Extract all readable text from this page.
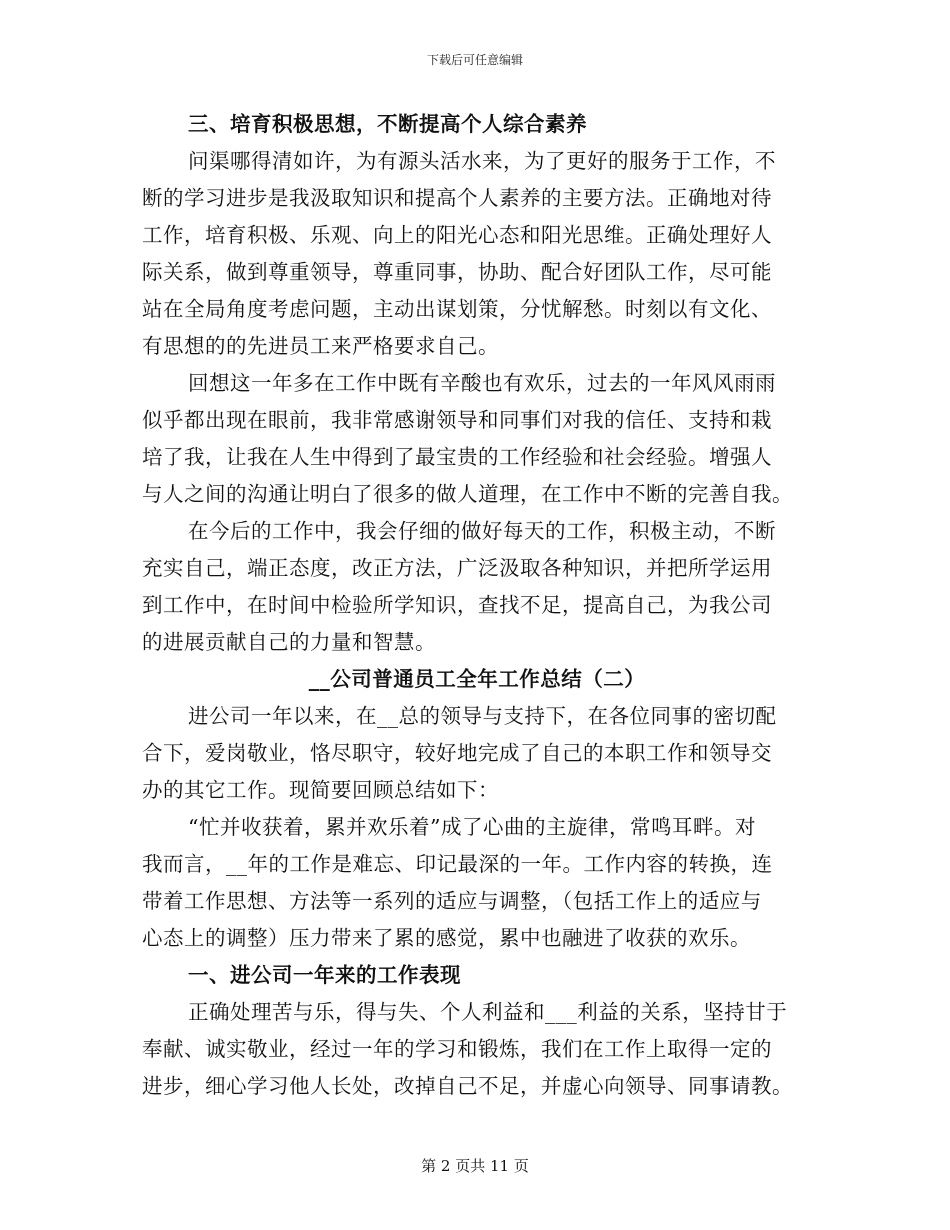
下载后可任意编辑
三、培育积极思想，不断提高个人综合素养
问渠哪得清如许，为有源头活水来，为了更好的服务于工作，不
断的学习进步是我汲取知识和提高个人素养的主要方法。正确地对待
工作，培育积极、乐观、向上的阳光心态和阳光思维。正确处理好人
际关系，做到尊重领导，尊重同事，协助、配合好团队工作，尽可能
站在全局角度考虑问题，主动出谋划策，分忧解愁。时刻以有文化、
有思想的的先进员工来严格要求自己。
回想这一年多在工作中既有辛酸也有欢乐，过去的一年风风雨雨
似乎都出现在眼前，我非常感谢领导和同事们对我的信任、支持和栽
培了我，让我在人生中得到了最宝贵的工作经验和社会经验。增强人
与人之间的沟通让明白了很多的做人道理，在工作中不断的完善自我。
在今后的工作中，我会仔细的做好每天的工作，积极主动，不断
充实自己，端正态度，改正方法，广泛汲取各种知识，并把所学运用
到工作中，在时间中检验所学知识，查找不足，提高自己，为我公司
的进展贡献自己的力量和智慧。
__公司普通员工全年工作总结（二）
进公司一年以来，在__总的领导与支持下，在各位同事的密切配
合下，爱岗敬业，恪尽职守，较好地完成了自己的本职工作和领导交
办的其它工作。现简要回顾总结如下：
“忙并收获着，累并欢乐着”成了心曲的主旋律，常鸣耳畔。对
我而言，__年的工作是难忘、印记最深的一年。工作内容的转换，连
带着工作思想、方法等一系列的适应与调整，（包括工作上的适应与
心态上的调整）压力带来了累的感觉，累中也融进了收获的欢乐。
一、进公司一年来的工作表现
正确处理苦与乐，得与失、个人利益和___利益的关系，坚持甘于
奉献、诚实敬业，经过一年的学习和锻炼，我们在工作上取得一定的
进步，细心学习他人长处，改掉自己不足，并虚心向领导、同事请教。
第 2 页共 11 页
